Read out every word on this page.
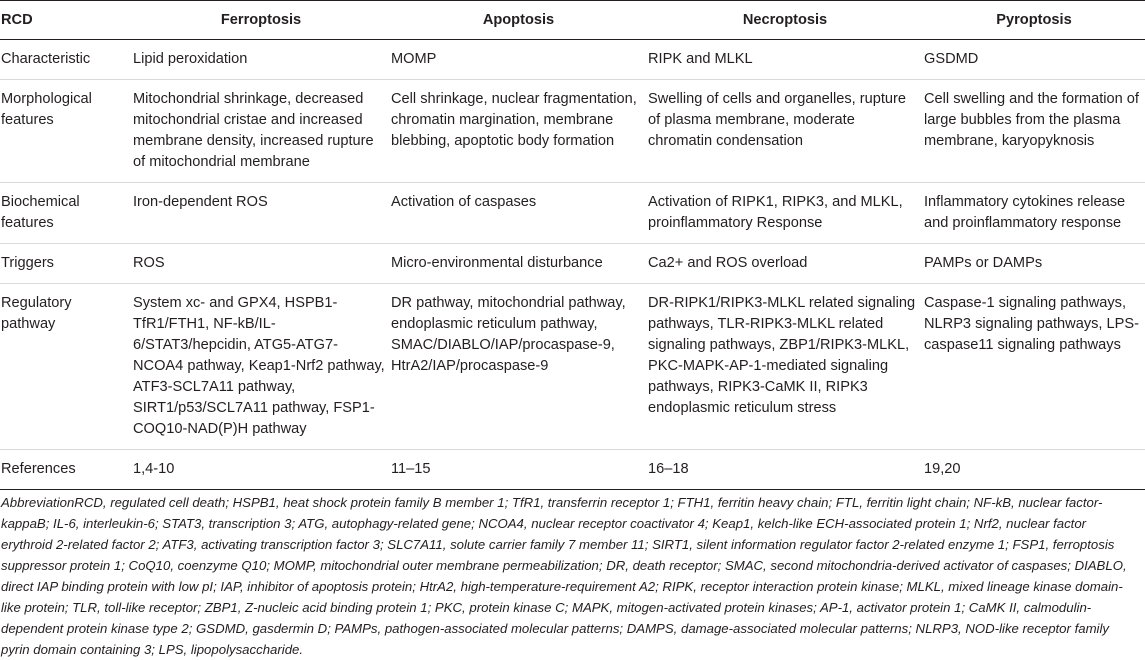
RCD	Ferroptosis	Apoptosis	Necroptosis	Pyroptosis
Characteristic	Lipid peroxidation	MOMP	RIPK and MLKL	GSDMD
Morphological features	Mitochondrial shrinkage, decreased mitochondrial cristae and increased membrane density, increased rupture of mitochondrial membrane	Cell shrinkage, nuclear fragmentation, chromatin margination, membrane blebbing, apoptotic body formation	Swelling of cells and organelles, rupture of plasma membrane, moderate chromatin condensation	Cell swelling and the formation of large bubbles from the plasma membrane, karyopyknosis
Biochemical features	Iron-dependent ROS	Activation of caspases	Activation of RIPK1, RIPK3, and MLKL, proinflammatory Response	Inflammatory cytokines release and proinflammatory response
Triggers	ROS	Micro-environmental disturbance	Ca2+ and ROS overload	PAMPs or DAMPs
Regulatory pathway	System xc- and GPX4, HSPB1-TfR1/FTH1, NF-kB/IL-6/STAT3/hepcidin, ATG5-ATG7-NCOA4 pathway, Keap1-Nrf2 pathway, ATF3-SCL7A11 pathway, SIRT1/p53/SCL7A11 pathway, FSP1-COQ10-NAD(P)H pathway	DR pathway, mitochondrial pathway, endoplasmic reticulum pathway, SMAC/DIABLO/IAP/procaspase-9, HtrA2/IAP/procaspase-9	DR-RIPK1/RIPK3-MLKL related signaling pathways, TLR-RIPK3-MLKL related signaling pathways, ZBP1/RIPK3-MLKL, PKC-MAPK-AP-1-mediated signaling pathways, RIPK3-CaMK II, RIPK3 endoplasmic reticulum stress	Caspase-1 signaling pathways, NLRP3 signaling pathways, LPS-caspase11 signaling pathways
References	1,4-10	11–15	16–18	19,20
AbbreviationRCD, regulated cell death; HSPB1, heat shock protein family B member 1; TfR1, transferrin receptor 1; FTH1, ferritin heavy chain; FTL, ferritin light chain; NF-kB, nuclear factor-kappaB; IL-6, interleukin-6; STAT3, transcription 3; ATG, autophagy-related gene; NCOA4, nuclear receptor coactivator 4; Keap1, kelch-like ECH-associated protein 1; Nrf2, nuclear factor erythroid 2-related factor 2; ATF3, activating transcription factor 3; SLC7A11, solute carrier family 7 member 11; SIRT1, silent information regulator factor 2-related enzyme 1; FSP1, ferroptosis suppressor protein 1; CoQ10, coenzyme Q10; MOMP, mitochondrial outer membrane permeabilization; DR, death receptor; SMAC, second mitochondria-derived activator of caspases; DIABLO, direct IAP binding protein with low pI; IAP, inhibitor of apoptosis protein; HtrA2, high-temperature-requirement A2; RIPK, receptor interaction protein kinase; MLKL, mixed lineage kinase domain-like protein; TLR, toll-like receptor; ZBP1, Z-nucleic acid binding protein 1; PKC, protein kinase C; MAPK, mitogen-activated protein kinases; AP-1, activator protein 1; CaMK II, calmodulin-dependent protein kinase type 2; GSDMD, gasdermin D; PAMPs, pathogen-associated molecular patterns; DAMPS, damage-associated molecular patterns; NLRP3, NOD-like receptor family pyrin domain containing 3; LPS, lipopolysaccharide.
